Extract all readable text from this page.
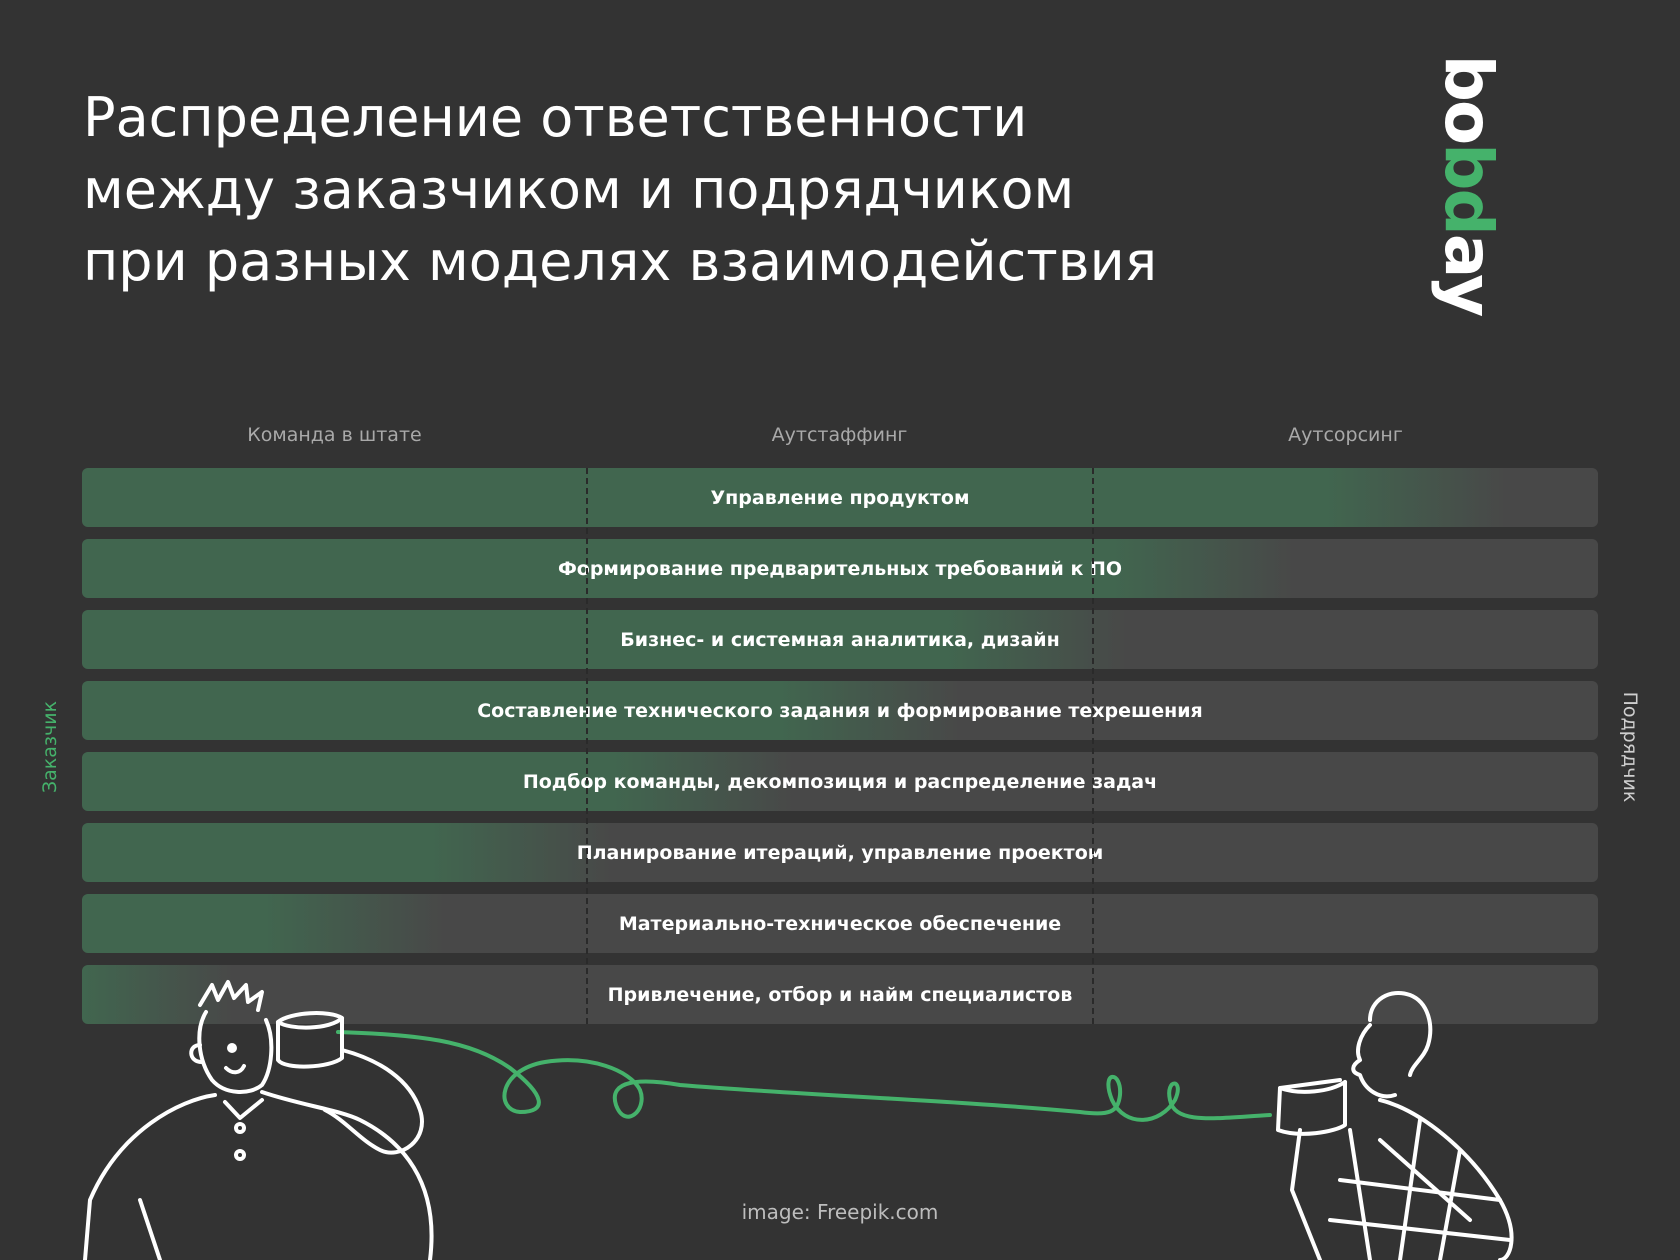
Распределение ответственности
между заказчиком и подрядчиком
при разных моделях взаимодействия
bobday
Команда в штате	Аутстаффинг	Аутсорсинг
Заказчик	Подрядчик
Управление продуктом
Формирование предварительных требований к ПО
Бизнес- и системная аналитика, дизайн
Составление технического задания и формирование техрешения
Подбор команды, декомпозиция и распределение задач
Планирование итераций, управление проектом
Материально-техническое обеспечение
Привлечение, отбор и найм специалистов
image: Freepik.com
